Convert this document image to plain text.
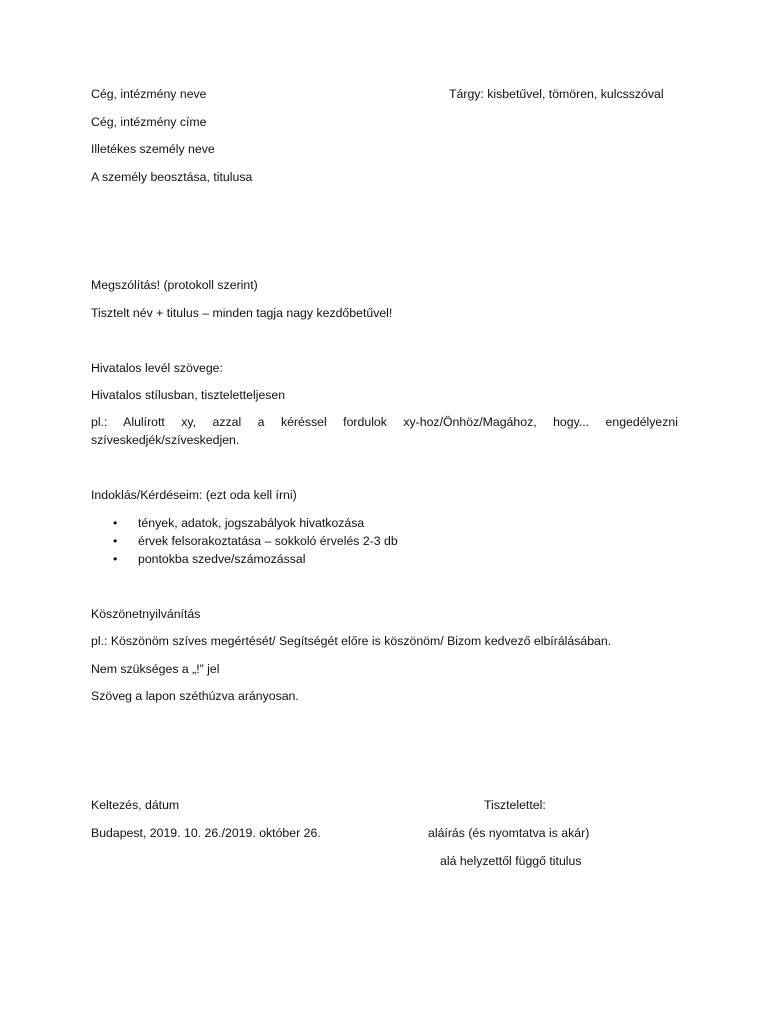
Cég, intézmény neve	Tárgy: kisbetűvel, tömören, kulcsszóval
Cég, intézmény címe
Illetékes személy neve
A személy beosztása, titulusa
Megszólítás! (protokoll szerint)
Tisztelt név + titulus – minden tagja nagy kezdőbetűvel!
Hivatalos levél szövege:
Hivatalos stílusban, tiszteletteljesen
pl.: Alulírott xy, azzal a kéréssel fordulok xy-hoz/Önhöz/Magához, hogy... engedélyezni szíveskedjék/szíveskedjen.
Indoklás/Kérdéseim: (ezt oda kell írni)
• tények, adatok, jogszabályok hivatkozása
• érvek felsorakoztatása – sokkoló érvelés 2-3 db
• pontokba szedve/számozással
Köszönetnyilvánítás
pl.: Köszönöm szíves megértését/ Segítségét előre is köszönöm/ Bizom kedvező elbírálásában.
Nem szükséges a „!” jel
Szöveg a lapon széthúzva arányosan.
Keltezés, dátum	Tisztelettel:
Budapest, 2019. 10. 26./2019. október 26.	aláírás (és nyomtatva is akár)
alá helyzettől függő titulus
